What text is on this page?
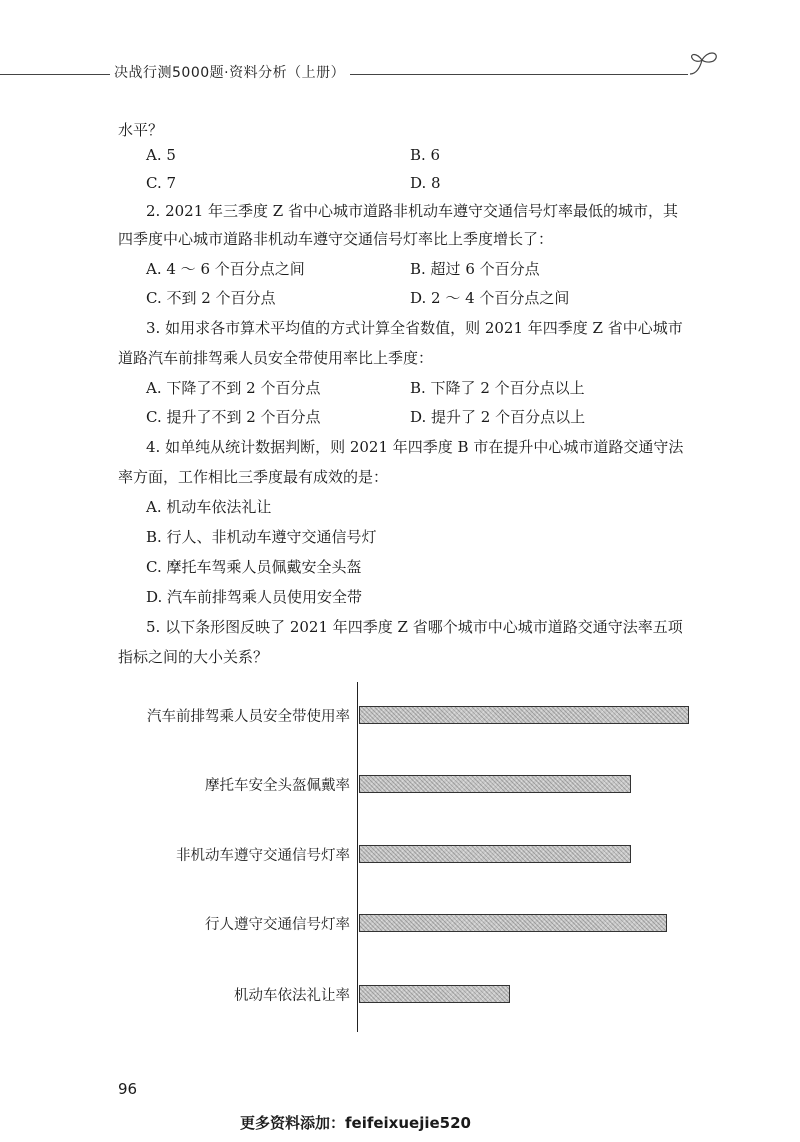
决战行测5000题·资料分析（上册）
水平？
A. 5	B. 6
C. 7	D. 8
2. 2021 年三季度 Z 省中心城市道路非机动车遵守交通信号灯率最低的城市，其
四季度中心城市道路非机动车遵守交通信号灯率比上季度增长了：
A. 4 ～ 6 个百分点之间	B. 超过 6 个百分点
C. 不到 2 个百分点	D. 2 ～ 4 个百分点之间
3. 如用求各市算术平均值的方式计算全省数值，则 2021 年四季度 Z 省中心城市
道路汽车前排驾乘人员安全带使用率比上季度：
A. 下降了不到 2 个百分点	B. 下降了 2 个百分点以上
C. 提升了不到 2 个百分点	D. 提升了 2 个百分点以上
4. 如单纯从统计数据判断，则 2021 年四季度 B 市在提升中心城市道路交通守法
率方面，工作相比三季度最有成效的是：
A. 机动车依法礼让
B. 行人、非机动车遵守交通信号灯
C. 摩托车驾乘人员佩戴安全头盔
D. 汽车前排驾乘人员使用安全带
5. 以下条形图反映了 2021 年四季度 Z 省哪个城市中心城市道路交通守法率五项
指标之间的大小关系？
汽车前排驾乘人员安全带使用率
摩托车安全头盔佩戴率
非机动车遵守交通信号灯率
行人遵守交通信号灯率
机动车依法礼让率
96
更多资料添加：feifeixuejie520
